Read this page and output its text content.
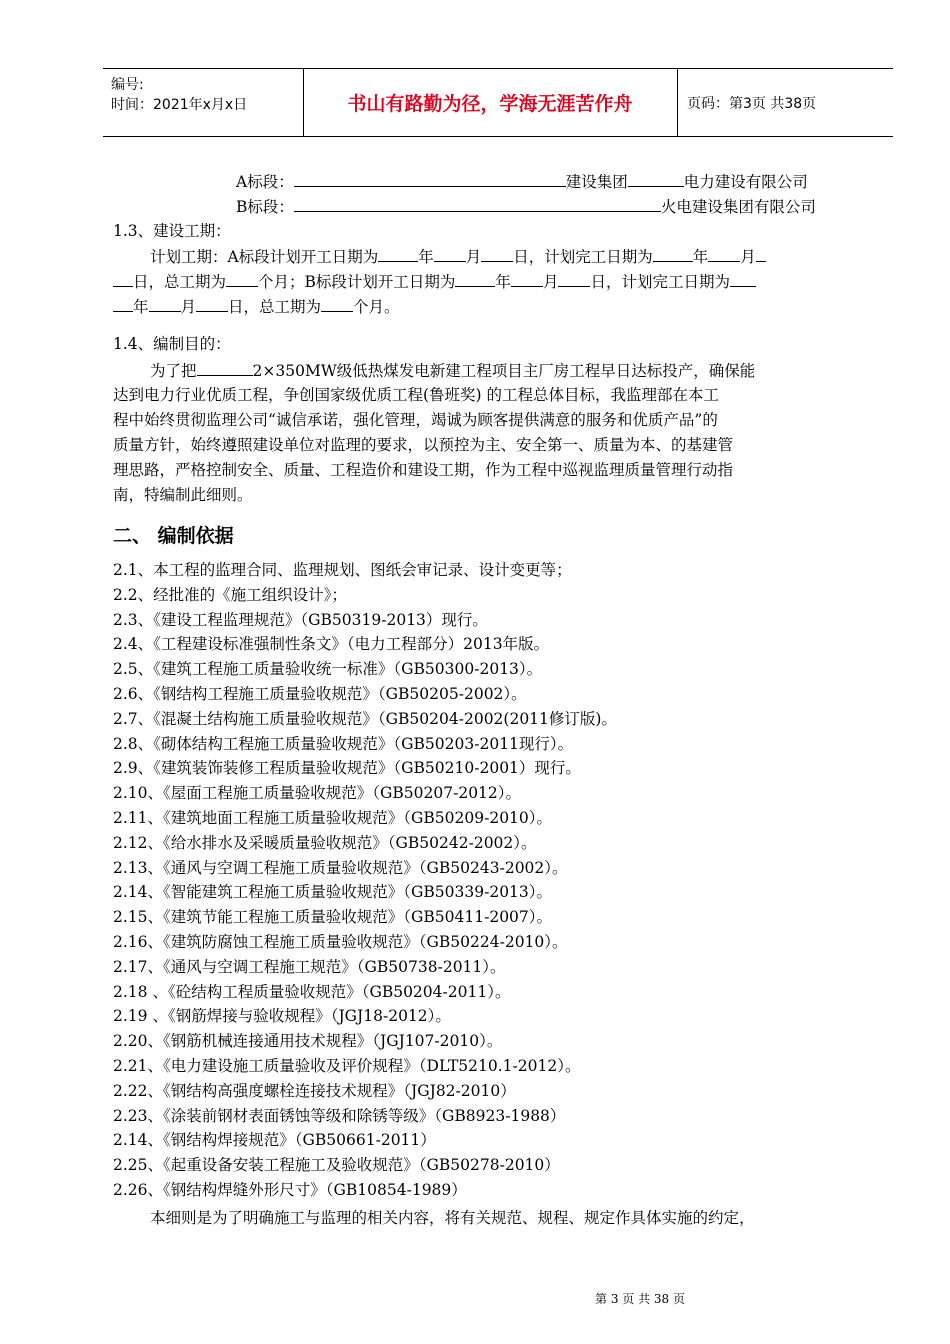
编号:
时间：2021年x月x日	书山有路勤为径，学海无涯苦作舟	页码：第3页 共38页
A标段：	建设集团	电力建设有限公司
B标段：	火电建设集团有限公司
1.3、建设工期：
计划工期：A标段计划开工日期为	年 月 日，计划完工日期为	年 月
日，总工期为 个月；B标段计划开工日期为	年 月 日，计划完工日期为
年 月 日，总工期为 个月。
1.4、编制目的：
为了把	2×350MW级低热煤发电新建工程项目主厂房工程早日达标投产，确保能
达到电力行业优质工程，争创国家级优质工程(鲁班奖) 的工程总体目标，我监理部在本工
程中始终贯彻监理公司“诚信承诺，强化管理，竭诚为顾客提供满意的服务和优质产品”的
质量方针，始终遵照建设单位对监理的要求，以预控为主、安全第一、质量为本、的基建管
理思路，严格控制安全、质量、工程造价和建设工期，作为工程中巡视监理质量管理行动指
南，特编制此细则。
二、 编制依据
2.1、本工程的监理合同、监理规划、图纸会审记录、设计变更等；
2.2、经批准的《施工组织设计》；
2.3、《建设工程监理规范》（GB50319-2013）现行。
2.4、《工程建设标准强制性条文》（电力工程部分）2013年版。
2.5、《建筑工程施工质量验收统一标准》（GB50300-2013）。
2.6、《钢结构工程施工质量验收规范》（GB50205-2002）。
2.7、《混凝土结构施工质量验收规范》（GB50204-2002(2011修订版)。
2.8、《砌体结构工程施工质量验收规范》（GB50203-2011现行）。
2.9、《建筑装饰装修工程质量验收规范》（GB50210-2001）现行。
2.10、《屋面工程施工质量验收规范》（GB50207-2012）。
2.11、《建筑地面工程施工质量验收规范》（GB50209-2010）。
2.12、《给水排水及采暖质量验收规范》（GB50242-2002）。
2.13、《通风与空调工程施工质量验收规范》（GB50243-2002）。
2.14、《智能建筑工程施工质量验收规范》（GB50339-2013）。
2.15、《建筑节能工程施工质量验收规范》（GB50411-2007）。
2.16、《建筑防腐蚀工程施工质量验收规范》（GB50224-2010）。
2.17、《通风与空调工程施工规范》（GB50738-2011）。
2.18 、《砼结构工程质量验收规范》（GB50204-2011）。
2.19 、《钢筋焊接与验收规程》（JGJ18-2012）。
2.20、《钢筋机械连接通用技术规程》（JGJ107-2010）。
2.21、《电力建设施工质量验收及评价规程》（DLT5210.1-2012）。
2.22、《钢结构高强度螺栓连接技术规程》（JGJ82-2010）
2.23、《涂装前钢材表面锈蚀等级和除锈等级》（GB8923-1988）
2.14、《钢结构焊接规范》（GB50661-2011）
2.25、《起重设备安装工程施工及验收规范》（GB50278-2010）
2.26、《钢结构焊缝外形尺寸》（GB10854-1989）
本细则是为了明确施工与监理的相关内容，将有关规范、规程、规定作具体实施的约定，
第 3 页 共 38 页
